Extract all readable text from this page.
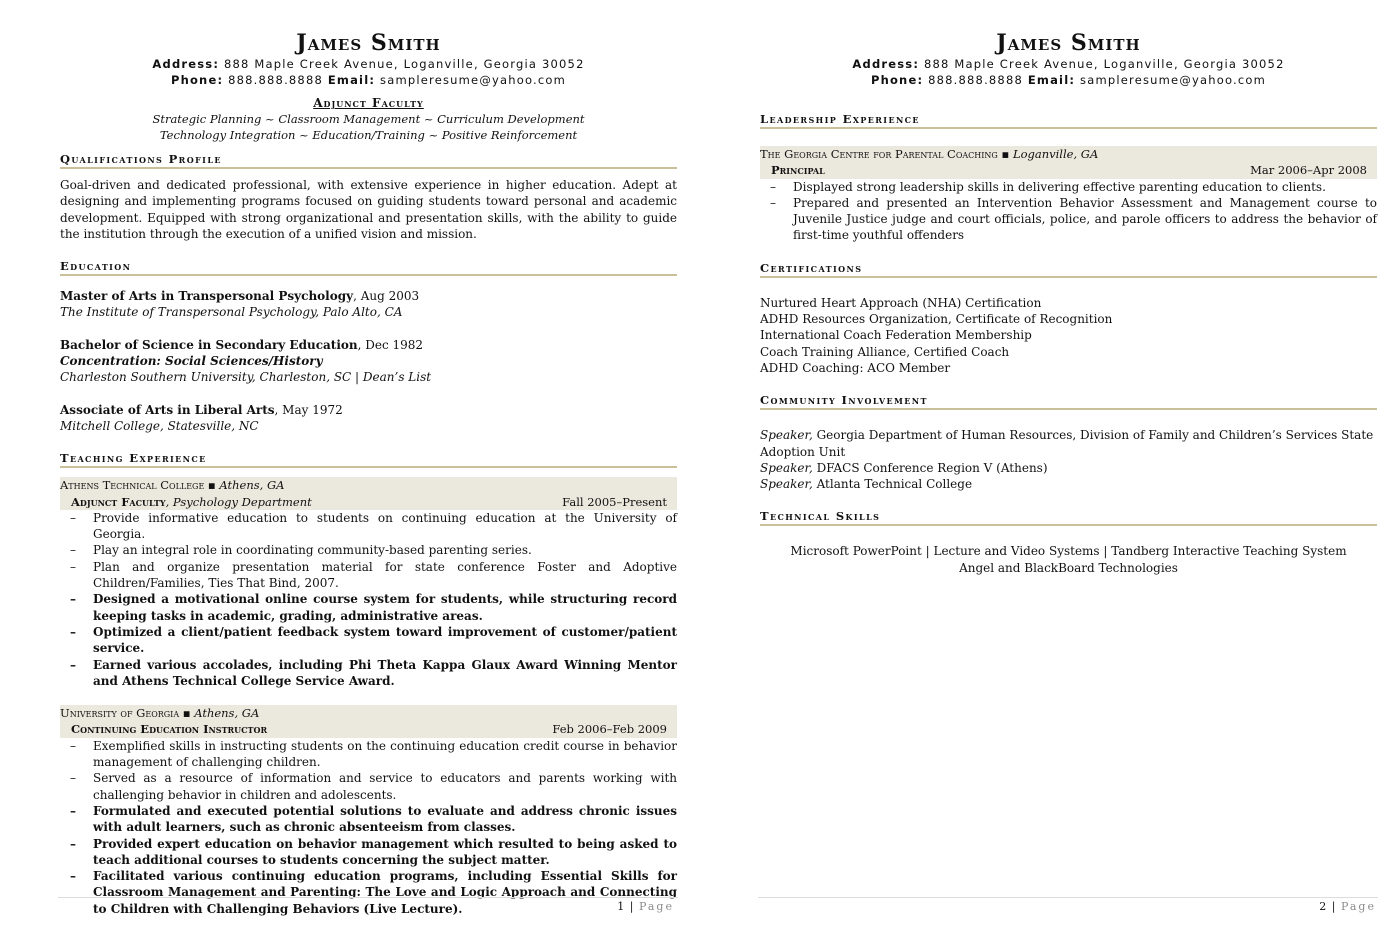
James Smith
Address: 888 Maple Creek Avenue, Loganville, Georgia 30052
Phone: 888.888.8888 Email: sampleresume@yahoo.com
Adjunct Faculty
Strategic Planning ~ Classroom Management ~ Curriculum Development
Technology Integration ~ Education/Training ~ Positive Reinforcement
Qualifications Profile
Goal-driven and dedicated professional, with extensive experience in higher education. Adept at designing and implementing programs focused on guiding students toward personal and academic development. Equipped with strong organizational and presentation skills, with the ability to guide the institution through the execution of a unified vision and mission.
Education
Master of Arts in Transpersonal Psychology, Aug 2003
The Institute of Transpersonal Psychology, Palo Alto, CA
Bachelor of Science in Secondary Education, Dec 1982
Concentration: Social Sciences/History
Charleston Southern University, Charleston, SC | Dean’s List
Associate of Arts in Liberal Arts, May 1972
Mitchell College, Statesville, NC
Teaching Experience
Athens Technical College ▪ Athens, GA
Adjunct Faculty, Psychology Department	Fall 2005–Present
– Provide informative education to students on continuing education at the University of Georgia.
– Play an integral role in coordinating community-based parenting series.
– Plan and organize presentation material for state conference Foster and Adoptive Children/Families, Ties That Bind, 2007.
– Designed a motivational online course system for students, while structuring record keeping tasks in academic, grading, administrative areas.
– Optimized a client/patient feedback system toward improvement of customer/patient service.
– Earned various accolades, including Phi Theta Kappa Glaux Award Winning Mentor and Athens Technical College Service Award.
University of Georgia ▪ Athens, GA
Continuing Education Instructor	Feb 2006–Feb 2009
– Exemplified skills in instructing students on the continuing education credit course in behavior management of challenging children.
– Served as a resource of information and service to educators and parents working with challenging behavior in children and adolescents.
– Formulated and executed potential solutions to evaluate and address chronic issues with adult learners, such as chronic absenteeism from classes.
– Provided expert education on behavior management which resulted to being asked to teach additional courses to students concerning the subject matter.
– Facilitated various continuing education programs, including Essential Skills for Classroom Management and Parenting: The Love and Logic Approach and Connecting to Children with Challenging Behaviors (Live Lecture).	1 | Page
James Smith
Address: 888 Maple Creek Avenue, Loganville, Georgia 30052
Phone: 888.888.8888 Email: sampleresume@yahoo.com
Leadership Experience
The Georgia Centre for Parental Coaching ▪ Loganville, GA
Principal	Mar 2006–Apr 2008
– Displayed strong leadership skills in delivering effective parenting education to clients.
– Prepared and presented an Intervention Behavior Assessment and Management course to Juvenile Justice judge and court officials, police, and parole officers to address the behavior of first-time youthful offenders
Certifications
Nurtured Heart Approach (NHA) Certification
ADHD Resources Organization, Certificate of Recognition
International Coach Federation Membership
Coach Training Alliance, Certified Coach
ADHD Coaching: ACO Member
Community Involvement
Speaker, Georgia Department of Human Resources, Division of Family and Children’s Services State Adoption Unit
Speaker, DFACS Conference Region V (Athens)
Speaker, Atlanta Technical College
Technical Skills
Microsoft PowerPoint | Lecture and Video Systems | Tandberg Interactive Teaching System
Angel and BlackBoard Technologies
2 | Page
